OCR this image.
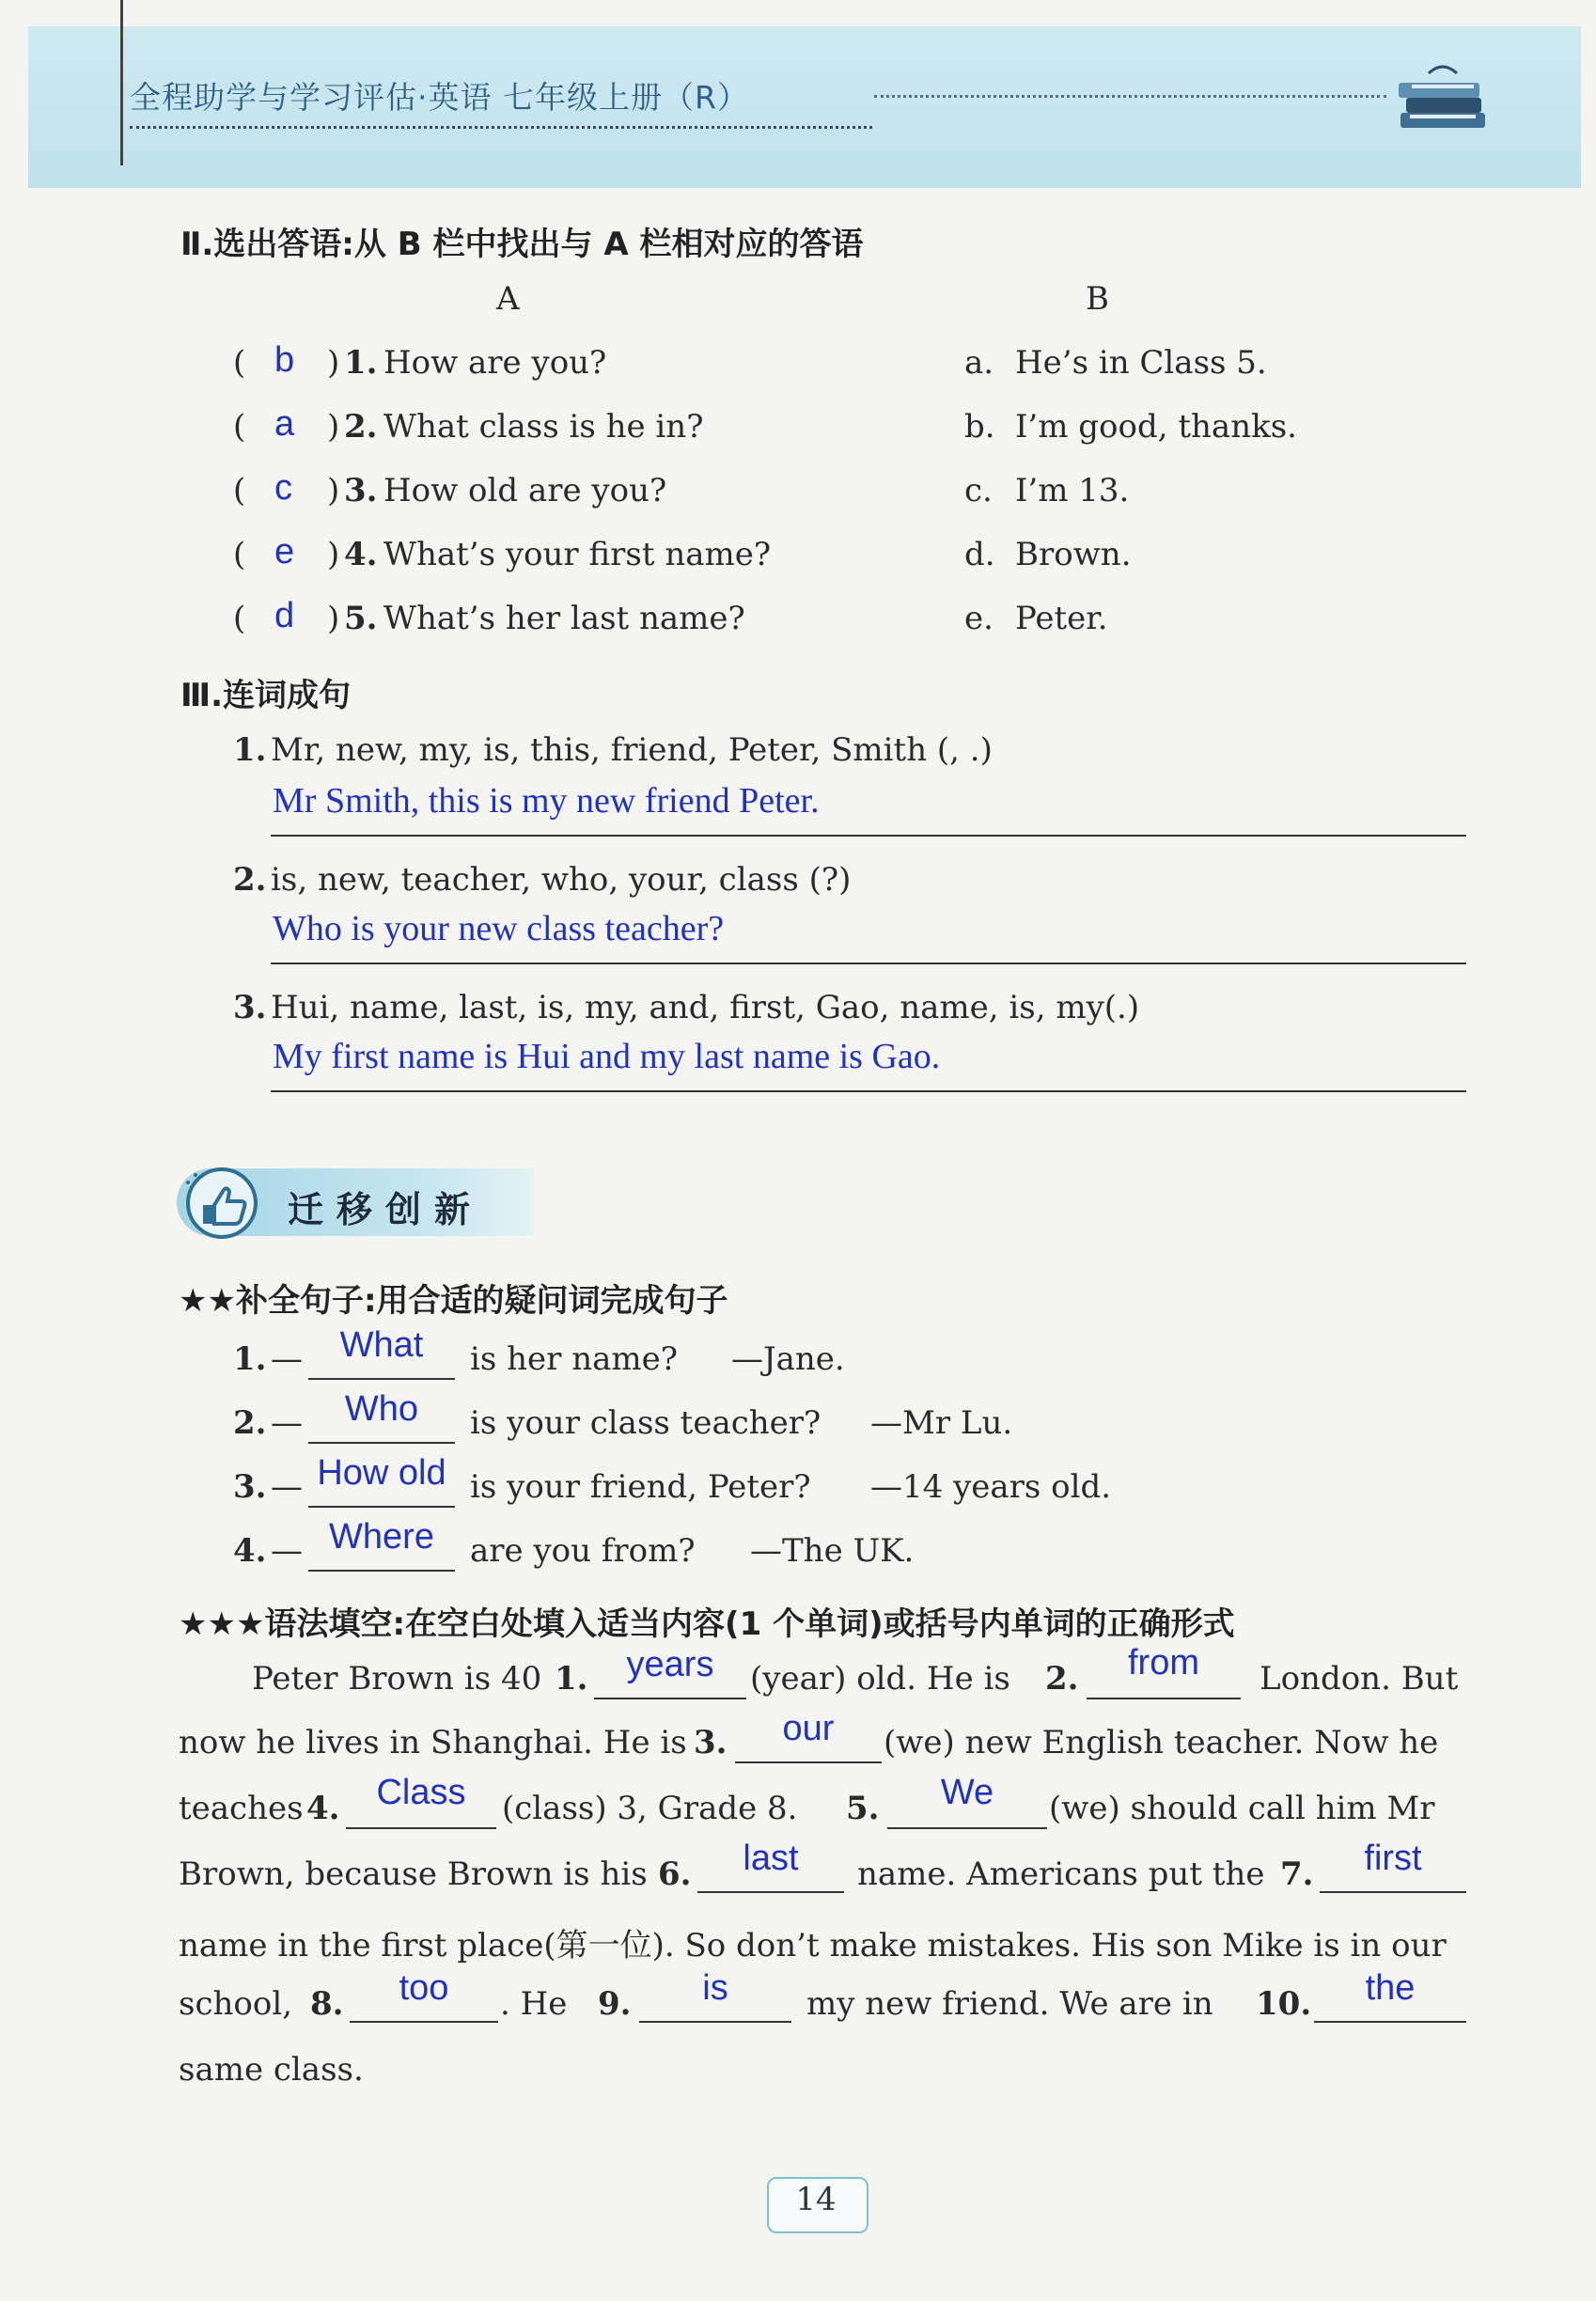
全程助学与学习评估·英语 七年级上册（R）
Ⅱ.选出答语:从 B 栏中找出与 A 栏相对应的答语
A	B
( b ) 1. How are you?	a. He’s in Class 5.
( a ) 2. What class is he in?	b. I’m good, thanks.
( c ) 3. How old are you?	c. I’m 13.
( e ) 4. What’s your first name?	d. Brown.
( d ) 5. What’s her last name?	e. Peter.
Ⅲ.连词成句
1. Mr, new, my, is, this, friend, Peter, Smith (, .)
Mr Smith, this is my new friend Peter.
2. is, new, teacher, who, your, class (?)
Who is your new class teacher?
3. Hui, name, last, is, my, and, first, Gao, name, is, my(.)
My first name is Hui and my last name is Gao.
迁移创新
★★补全句子:用合适的疑问词完成句子
1. —	What	is her name? —Jane.
2. —	Who	is your class teacher? —Mr Lu.
3. — How old is your friend, Peter? —14 years old.
4. — Where	are you from? —The UK.
★★★语法填空:在空白处填入适当内容(1 个单词)或括号内单词的正确形式
Peter Brown is 40 1.	years	(year) old. He is 2.	from	London. But
now he lives in Shanghai. He is 3.	our	(we) new English teacher. Now he
teaches 4.	Class	(class) 3, Grade 8. 5.	We	(we) should call him Mr
Brown, because Brown is his 6.	last	name. Americans put the 7.	first
name in the first place(第一位). So don’t make mistakes. His son Mike is in our
school, 8.	too	. He 9.	is	my new friend. We are in 10.	the
same class.
14
